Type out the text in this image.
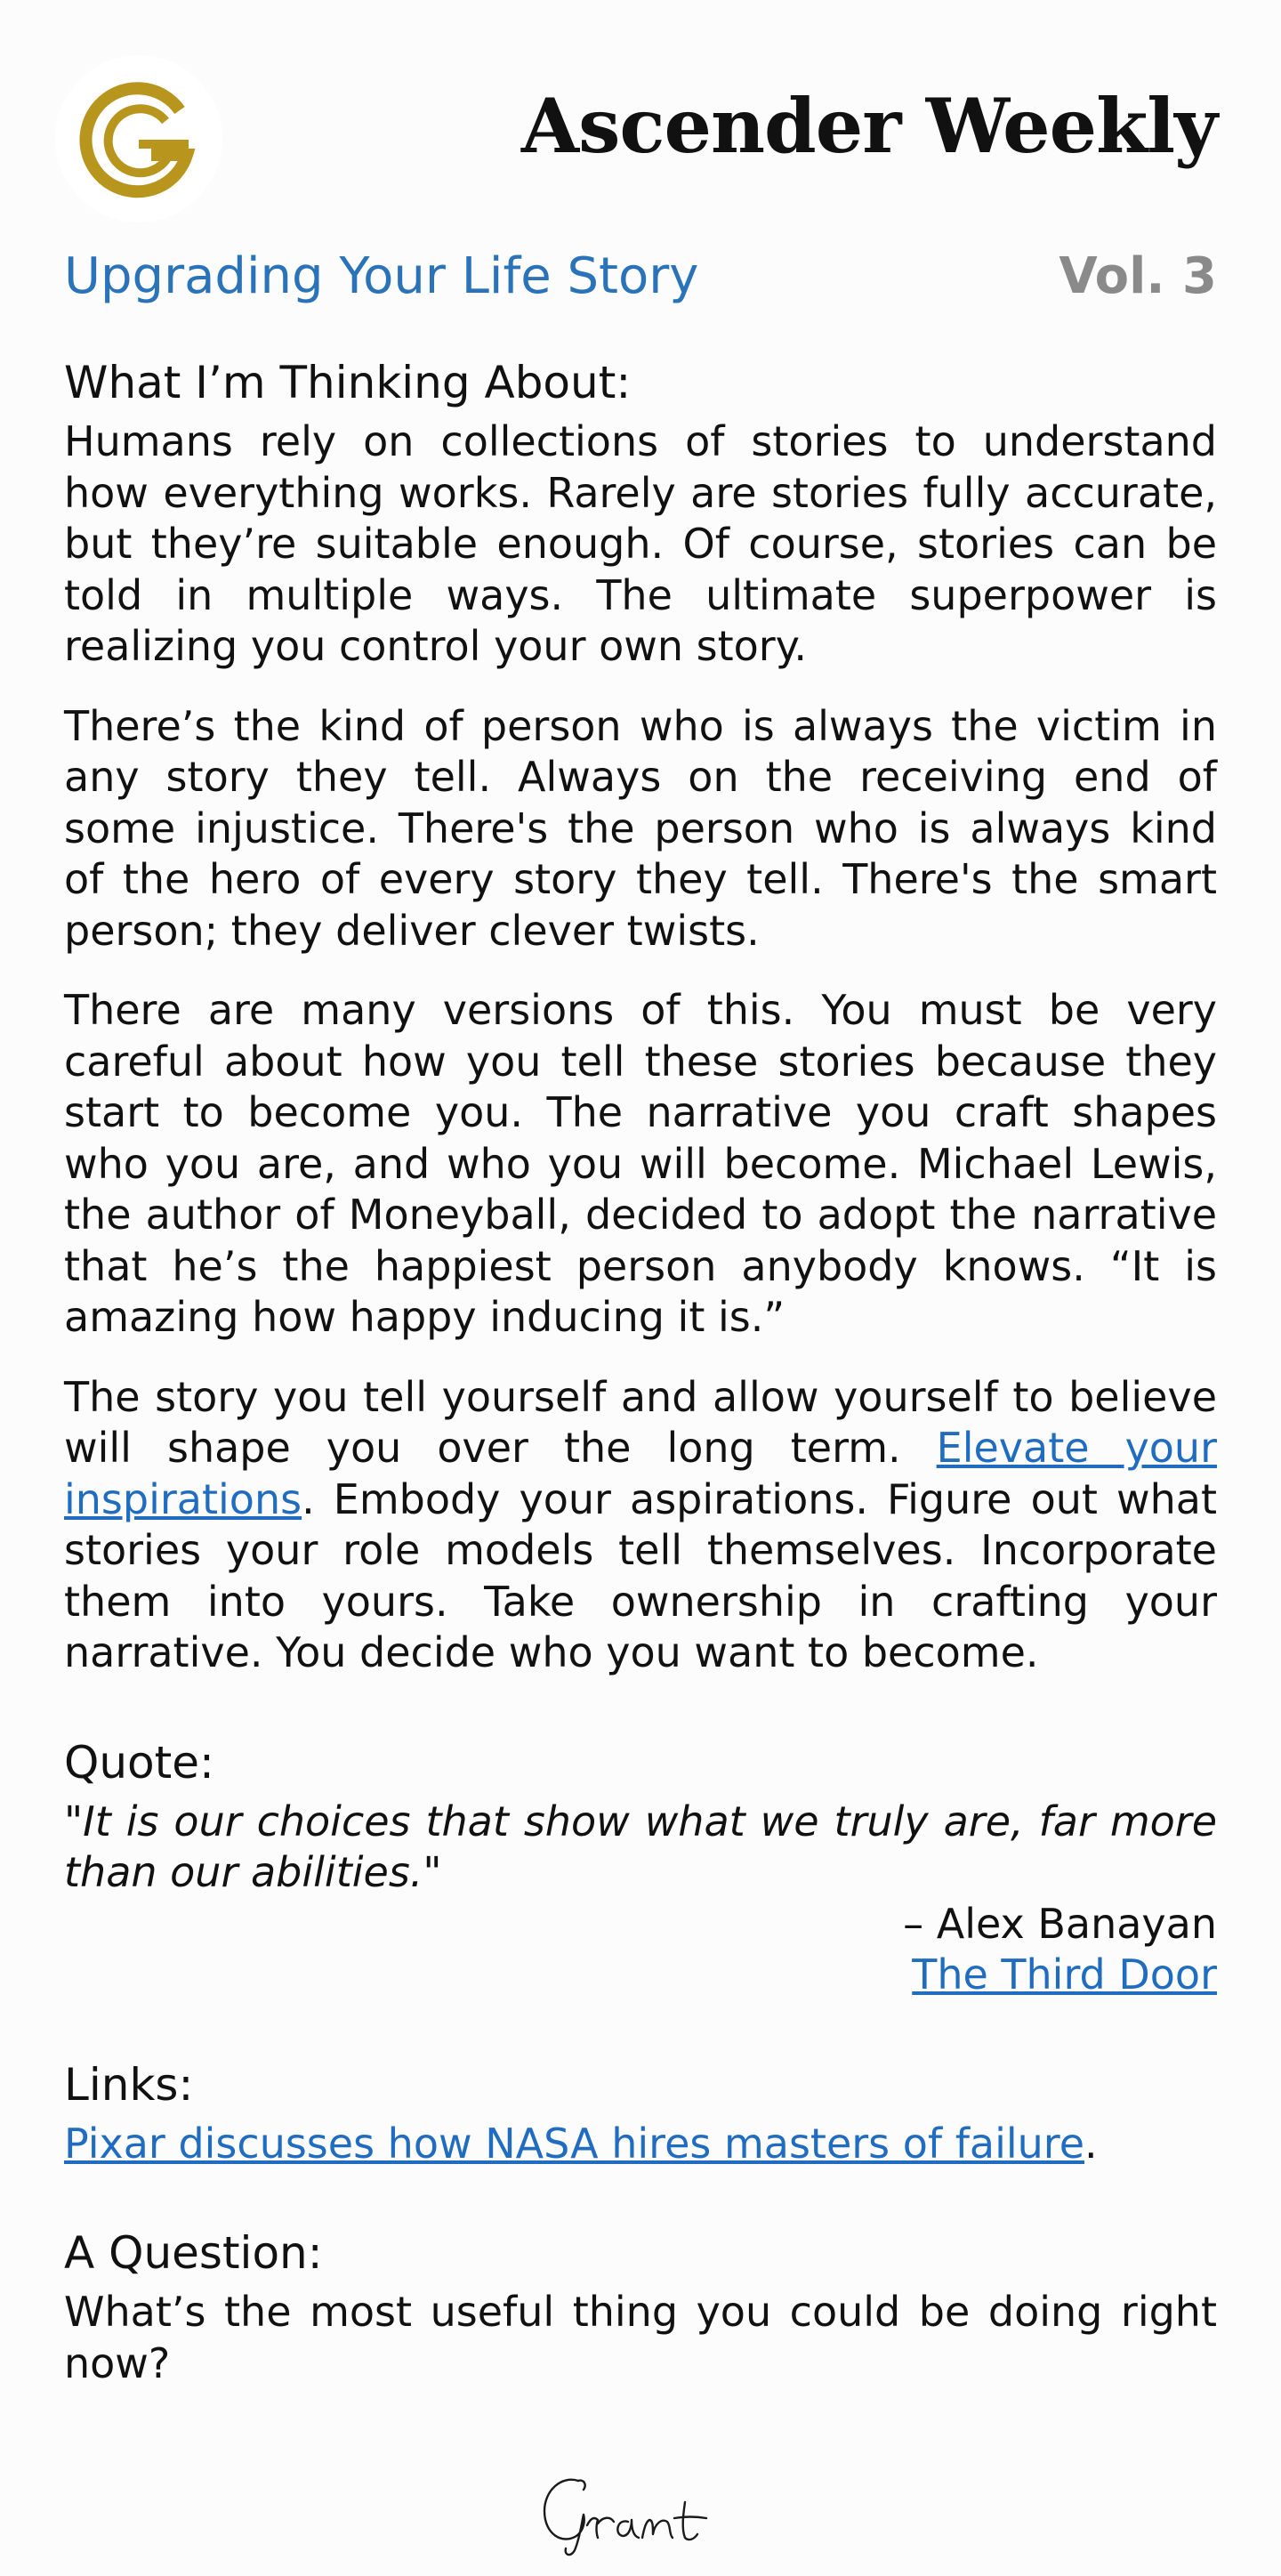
Ascender Weekly
Upgrading Your Life Story	Vol. 3
What I’m Thinking About:

Humans rely on collections of stories to understand how everything works. Rarely are stories fully accurate, but they’re suitable enough. Of course, stories can be told in multiple ways. The ultimate superpower is realizing you control your own story.

There’s the kind of person who is always the victim in any story they tell. Always on the receiving end of some injustice. There's the person who is always kind of the hero of every story they tell. There's the smart person; they deliver clever twists.

There are many versions of this. You must be very careful about how you tell these stories because they start to become you. The narrative you craft shapes who you are, and who you will become. Michael Lewis, the author of Moneyball, decided to adopt the narrative that he’s the happiest person anybody knows. “It is amazing how happy inducing it is.”

The story you tell yourself and allow yourself to believe will shape you over the long term. Elevate your inspirations. Embody your aspirations. Figure out what stories your role models tell themselves. Incorporate them into yours. Take ownership in crafting your narrative. You decide who you want to become.

Quote:

"It is our choices that show what we truly are, far more than our abilities."

– Alex Banayan
The Third Door
Links:

Pixar discusses how NASA hires masters of failure.

A Question:

What’s the most useful thing you could be doing right now?
